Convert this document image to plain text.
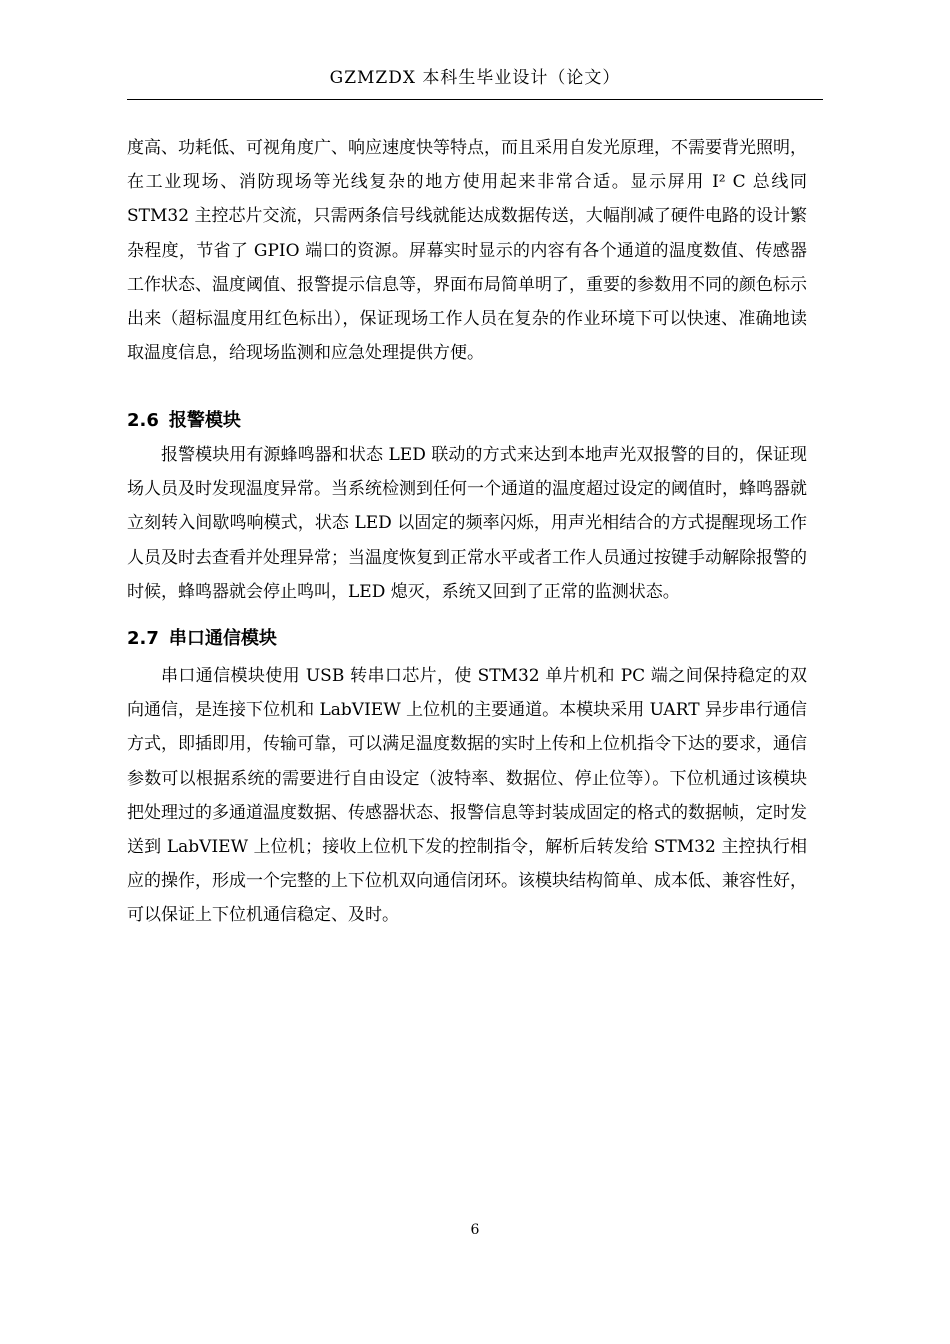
GZMZDX 本科生毕业设计（论文）

度高、功耗低、可视角度广、响应速度快等特点，而且采用自发光原理，不需要背光照明，在工业现场、消防现场等光线复杂的地方使用起来非常合适。显示屏用 I² C 总线同 STM32 主控芯片交流，只需两条信号线就能达成数据传送，大幅削减了硬件电路的设计繁杂程度，节省了 GPIO 端口的资源。屏幕实时显示的内容有各个通道的温度数值、传感器工作状态、温度阈值、报警提示信息等，界面布局简单明了，重要的参数用不同的颜色标示出来（超标温度用红色标出），保证现场工作人员在复杂的作业环境下可以快速、准确地读取温度信息，给现场监测和应急处理提供方便。

2.6 报警模块

报警模块用有源蜂鸣器和状态 LED 联动的方式来达到本地声光双报警的目的，保证现场人员及时发现温度异常。当系统检测到任何一个通道的温度超过设定的阈值时，蜂鸣器就立刻转入间歇鸣响模式，状态 LED 以固定的频率闪烁，用声光相结合的方式提醒现场工作人员及时去查看并处理异常；当温度恢复到正常水平或者工作人员通过按键手动解除报警的时候，蜂鸣器就会停止鸣叫，LED 熄灭，系统又回到了正常的监测状态。

2.7 串口通信模块

串口通信模块使用 USB 转串口芯片，使 STM32 单片机和 PC 端之间保持稳定的双向通信，是连接下位机和 LabVIEW 上位机的主要通道。本模块采用 UART 异步串行通信方式，即插即用，传输可靠，可以满足温度数据的实时上传和上位机指令下达的要求，通信参数可以根据系统的需要进行自由设定（波特率、数据位、停止位等）。下位机通过该模块把处理过的多通道温度数据、传感器状态、报警信息等封装成固定的格式的数据帧，定时发送到 LabVIEW 上位机；接收上位机下发的控制指令，解析后转发给 STM32 主控执行相应的操作，形成一个完整的上下位机双向通信闭环。该模块结构简单、成本低、兼容性好，可以保证上下位机通信稳定、及时。

6
